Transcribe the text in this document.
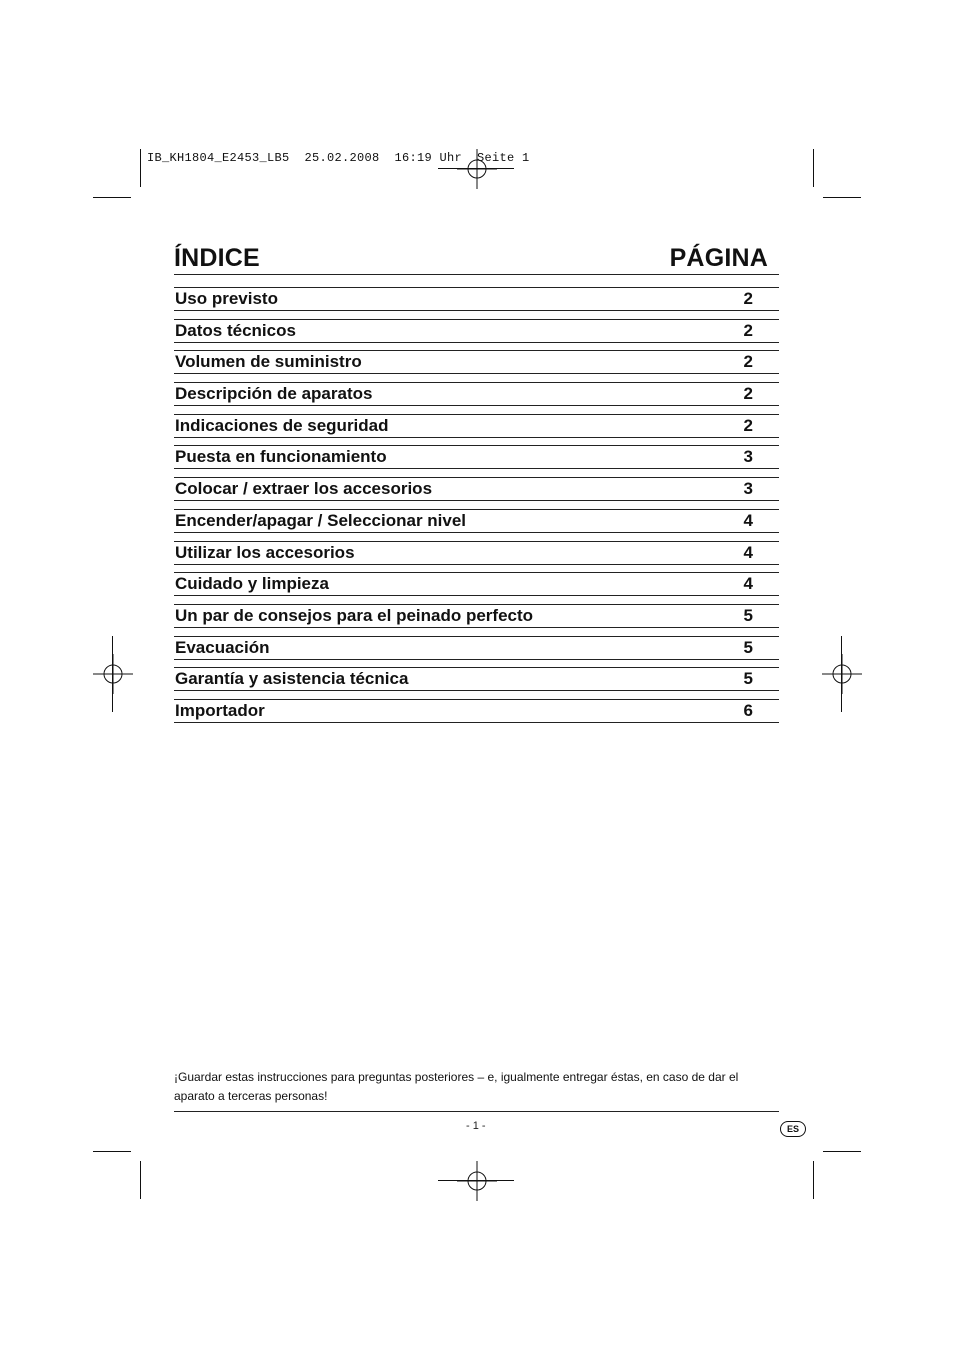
IB_KH1804_E2453_LB5  25.02.2008  16:19 Uhr  Seite 1
ÍNDICE	PÁGINA
Uso previsto	2
Datos técnicos	2
Volumen de suministro	2
Descripción de aparatos	2
Indicaciones de seguridad	2
Puesta en funcionamiento	3
Colocar / extraer los accesorios	3
Encender/apagar / Seleccionar nivel	4
Utilizar los accesorios	4
Cuidado y limpieza	4
Un par de consejos para el peinado perfecto	5
Evacuación	5
Garantía y asistencia técnica	5
Importador	6
¡Guardar estas instrucciones para preguntas posteriores – e, igualmente entregar éstas, en caso de dar el aparato a terceras personas!
- 1 -	ES
